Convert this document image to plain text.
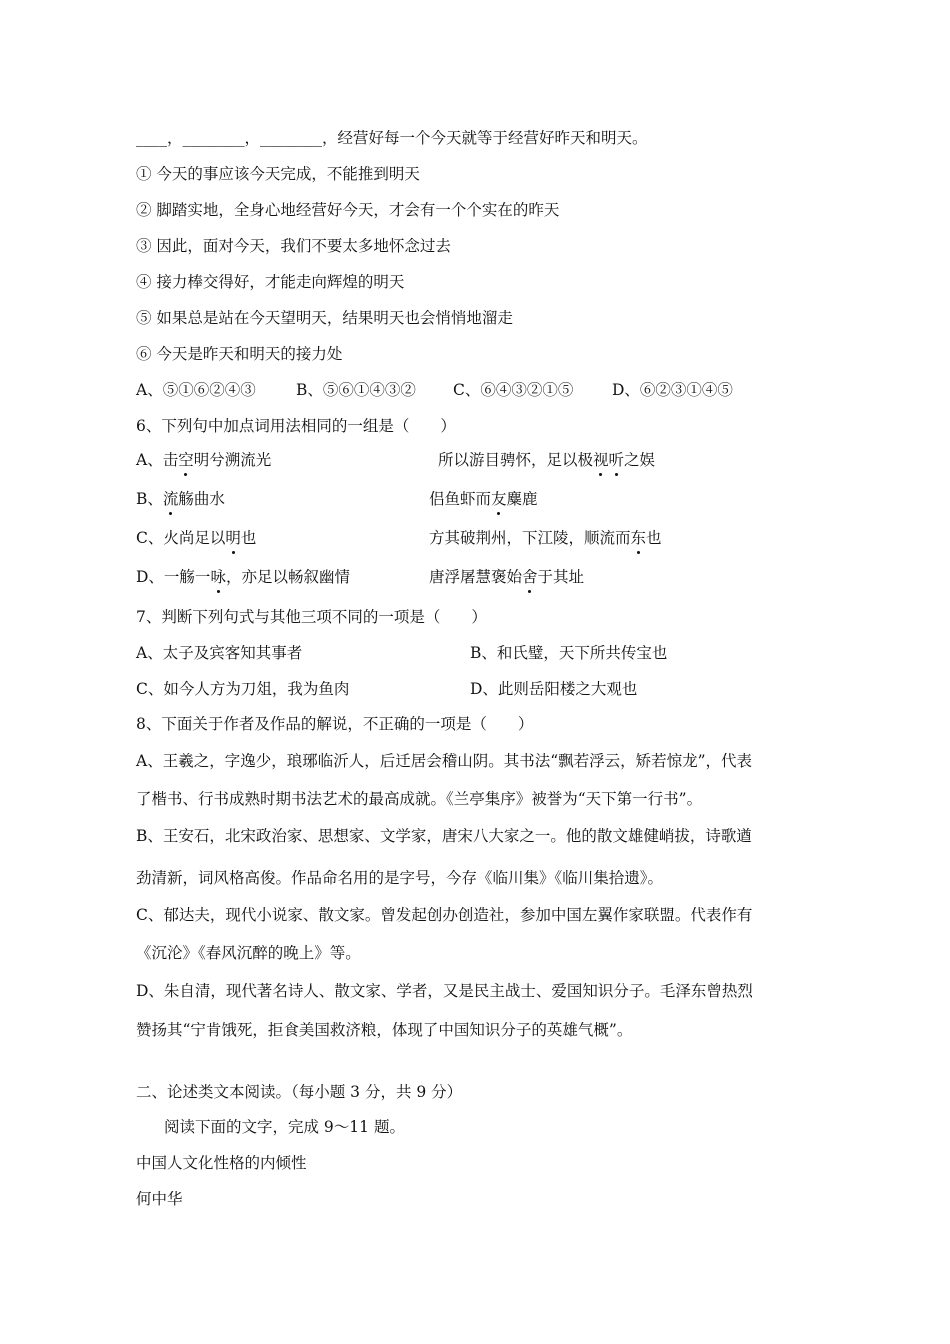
____，________，________，经营好每一个今天就等于经营好昨天和明天。
① 今天的事应该今天完成，不能推到明天
② 脚踏实地，全身心地经营好今天，才会有一个个实在的昨天
③ 因此，面对今天，我们不要太多地怀念过去
④ 接力棒交得好，才能走向辉煌的明天
⑤ 如果总是站在今天望明天，结果明天也会悄悄地溜走
⑥ 今天是昨天和明天的接力处
A、⑤①⑥②④③	B、⑤⑥①④③② C、⑥④③②①⑤ D、⑥②③①④⑤
6、下列句中加点词用法相同的一组是（　　）
A、击空明兮溯流光	所以游目骋怀，足以极视听之娱
B、流觞曲水	侣鱼虾而友麋鹿
C、火尚足以明也	方其破荆州，下江陵，顺流而东也
D、一觞一咏，亦足以畅叙幽情	唐浮屠慧褒始舍于其址
7、判断下列句式与其他三项不同的一项是（　　）
A、太子及宾客知其事者	B、和氏璧，天下所共传宝也
C、如今人方为刀俎，我为鱼肉	D、此则岳阳楼之大观也
8、下面关于作者及作品的解说，不正确的一项是（　　）
A、王羲之，字逸少，琅琊临沂人，后迁居会稽山阴。其书法“飘若浮云，矫若惊龙”，代表
了楷书、行书成熟时期书法艺术的最高成就。《兰亭集序》被誉为“天下第一行书”。
B、王安石，北宋政治家、思想家、文学家，唐宋八大家之一。他的散文雄健峭拔，诗歌遒
劲清新，词风格高俊。作品命名用的是字号，今存《临川集》《临川集拾遗》。
C、郁达夫，现代小说家、散文家。曾发起创办创造社，参加中国左翼作家联盟。代表作有
《沉沦》《春风沉醉的晚上》等。
D、朱自清，现代著名诗人、散文家、学者，又是民主战士、爱国知识分子。毛泽东曾热烈
赞扬其“宁肯饿死，拒食美国救济粮，体现了中国知识分子的英雄气概”。
二、论述类文本阅读。（每小题 3 分，共 9 分）
阅读下面的文字，完成 9～11 题。
中国人文化性格的内倾性
何中华
